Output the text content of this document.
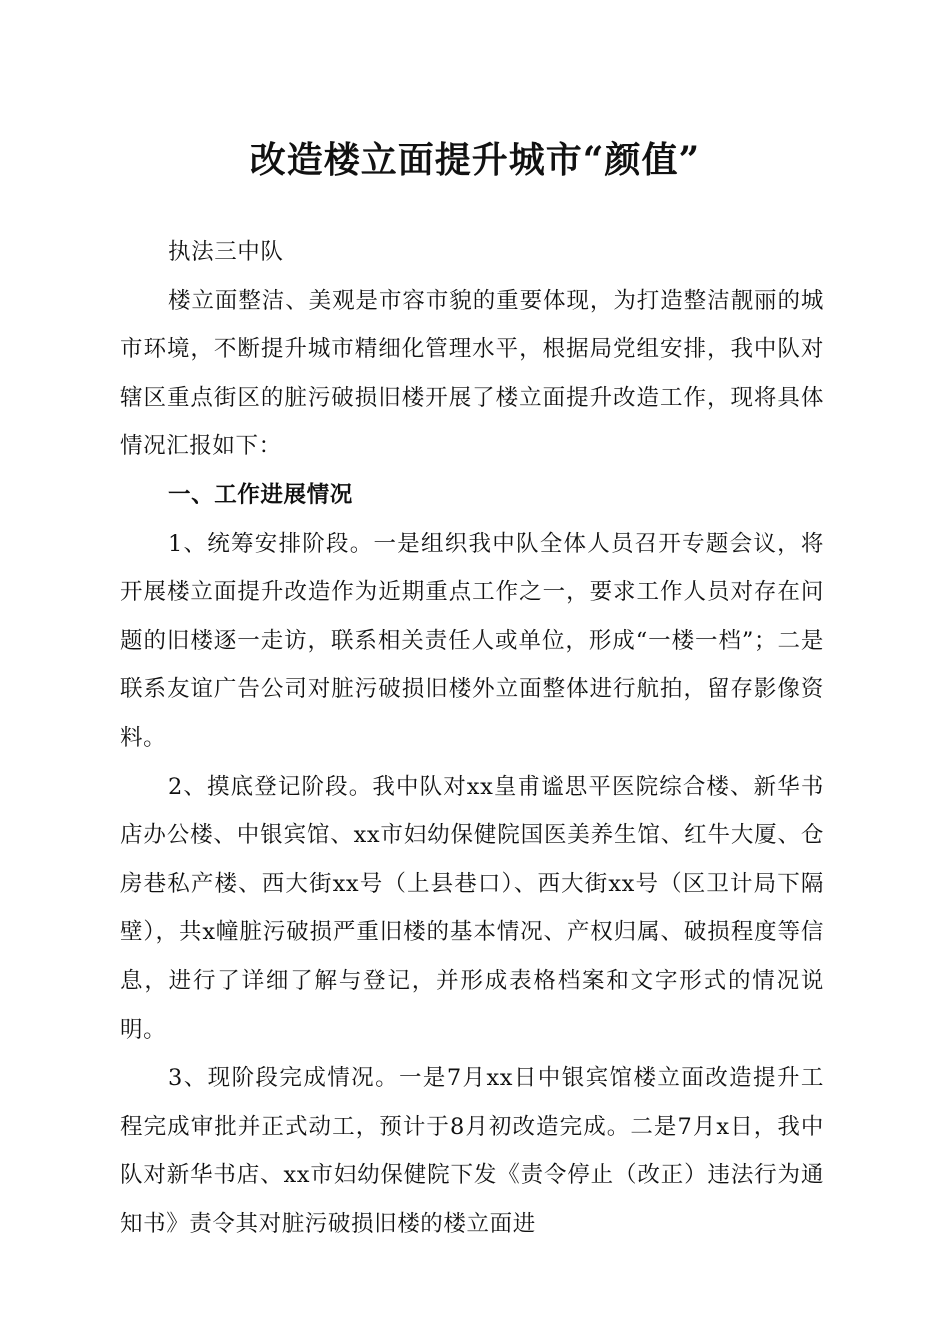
改造楼立面提升城市“颜值”

执法三中队

楼立面整洁、美观是市容市貌的重要体现，为打造整洁靓丽的城市环境，不断提升城市精细化管理水平，根据局党组安排，我中队对辖区重点街区的脏污破损旧楼开展了楼立面提升改造工作，现将具体情况汇报如下：

一、工作进展情况

1、统筹安排阶段。一是组织我中队全体人员召开专题会议，将开展楼立面提升改造作为近期重点工作之一，要求工作人员对存在问题的旧楼逐一走访，联系相关责任人或单位，形成“一楼一档”；二是联系友谊广告公司对脏污破损旧楼外立面整体进行航拍，留存影像资料。

2、摸底登记阶段。我中队对xx皇甫谧思平医院综合楼、新华书店办公楼、中银宾馆、xx市妇幼保健院国医美养生馆、红牛大厦、仓房巷私产楼、西大街xx号（上县巷口）、西大街xx号（区卫计局下隔壁），共x幢脏污破损严重旧楼的基本情况、产权归属、破损程度等信息，进行了详细了解与登记，并形成表格档案和文字形式的情况说明。

3、现阶段完成情况。一是7月xx日中银宾馆楼立面改造提升工程完成审批并正式动工，预计于8月初改造完成。二是7月x日，我中队对新华书店、xx市妇幼保健院下发《责令停止（改正）违法行为通知书》责令其对脏污破损旧楼的楼立面进
